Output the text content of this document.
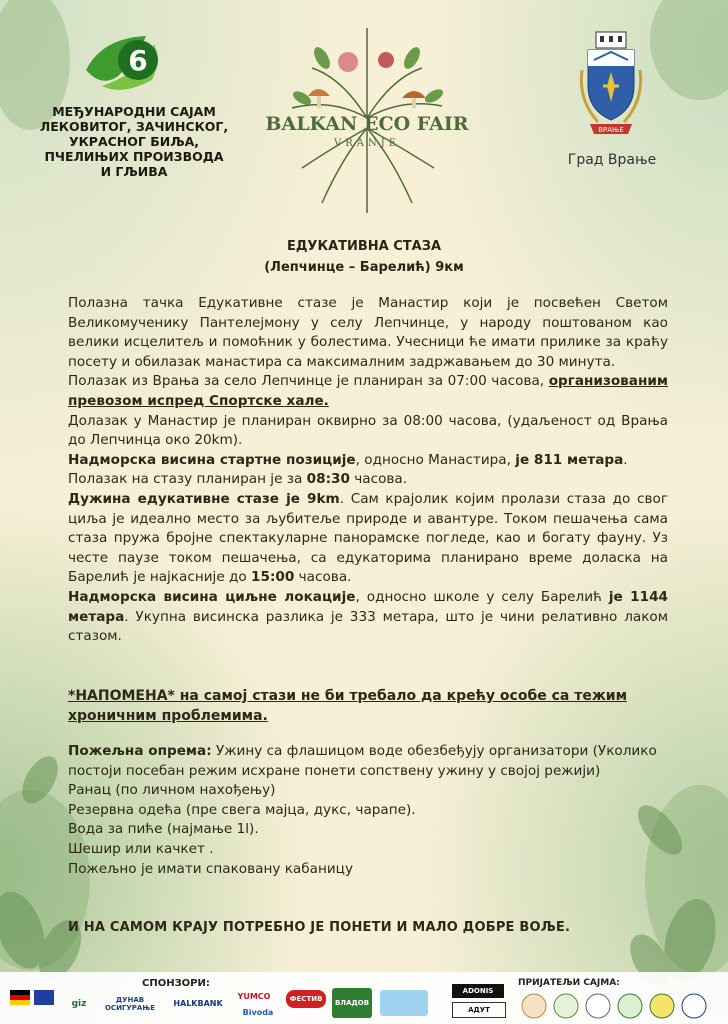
6
МЕЂУНАРОДНИ САЈАМ
ЛЕКОВИТОГ, ЗАЧИНСКОГ,
УКРАСНОГ БИЉА,
ПЧЕЛИЊИХ ПРОИЗВОДА
И ГЉИВА
BALKAN ECO FAIR
VRANJE
ВРАЊЕ
Град Врање
ЕДУКАТИВНА СТАЗА
(Лепчинце – Барелић) 9км

Полазна тачка Едукативне стазе је Манастир који је посвећен Светом Великомученику Пантелејмону у селу Лепчинце, у народу поштованом као велики исцелитељ и помоћник у болестима. Учесници ће имати прилике за краћу посету и обилазак манастира са максималним задржавањем до 30 минута.

Полазак из Врања за село Лепчинце је планиран за 07:00 часова, организованим превозом испред Спортске хале.

Долазак у Манастир је планиран оквирно за 08:00 часова, (удаљеност од Врања до Лепчинца око 20km).

Надморска висина стартне позиције, односно Манастира, је 811 метара.

Полазак на стазу планиран је за 08:30 часова.

Дужина едукативне стазе је 9km. Сам крајолик којим пролази стаза до свог циља је идеално место за љубитеље природе и авантуре. Током пешачења сама стаза пружа бројне спектакуларне панорамске погледе, као и богату фауну. Уз честе паузе током пешачења, са едукаторима планирано време доласка на Барелић је најкасније до 15:00 часова.

Надморска висина циљне локације, односно школе у селу Барелић је 1144 метара. Укупна висинска разлика је 333 метара, што је чини релативно лаком стазом.

*НАПОМЕНА* на самој стази не би требало да крећу особе са тежим хроничним проблемима.

Пожељна опрема: Ужину са флашицом воде обезбеђују организатори (Уколико постоји посебан режим исхране понети сопствену ужину у својој режији)

Ранац (по личном нахођењу)

Резервна одећа (пре свега мајца, дукс, чарапе).

Вода за пиће (најмање 1l).

Шешир или качкет .

Пожељно је имати спаковану кабаницу

И НА САМОМ КРАЈУ ПОТРЕБНО ЈЕ ПОНЕТИ И МАЛО ДОБРЕ ВОЉЕ.
СПОНЗОРИ:	ПРИЈАТЕЉИ САЈМА:
giz	ДУНАВ ОСИГУРАЊЕ	HALKBANK
YUMCO	ФЕСТИВ
Bivoda
ВЛАДОВ
ADONIS
АДУТ
